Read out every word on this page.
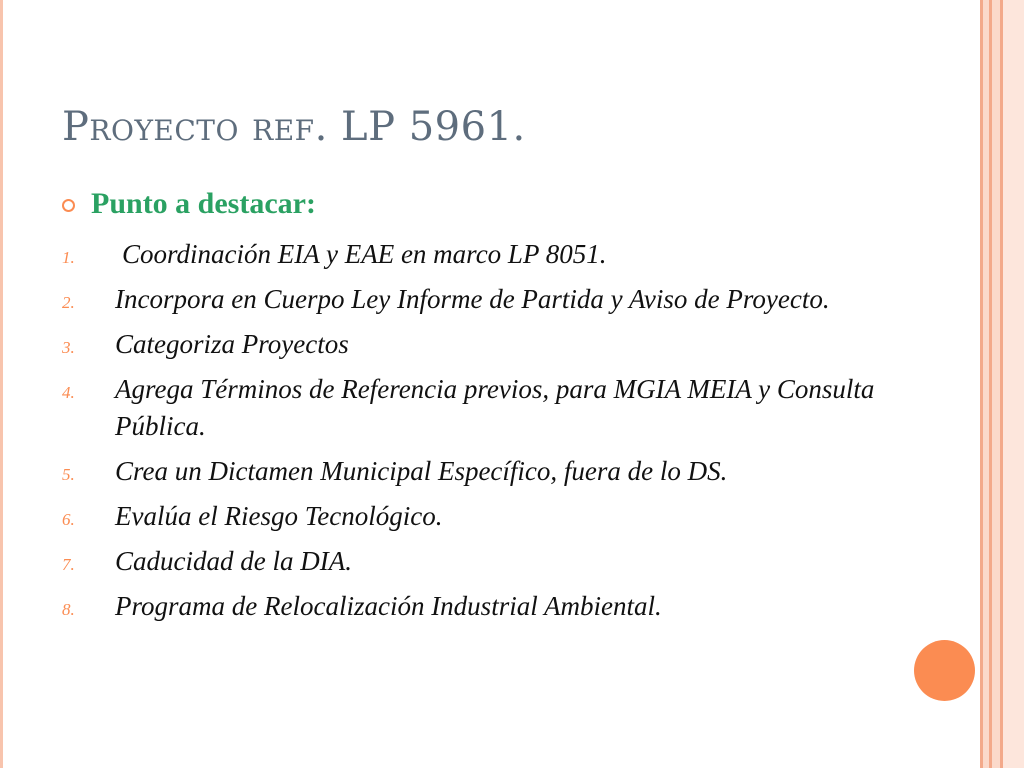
Proyecto ref. LP 5961.
Punto a destacar:
1.	Coordinación EIA y EAE en marco LP 8051.
2.	Incorpora en Cuerpo Ley Informe de Partida y Aviso de Proyecto.
3.	Categoriza Proyectos
4.	Agrega Términos de Referencia previos, para MGIA MEIA y Consulta Pública.
5.	Crea un Dictamen Municipal Específico, fuera de lo DS.
6.	Evalúa el Riesgo Tecnológico.
7.	Caducidad de la DIA.
8.	Programa de Relocalización Industrial Ambiental.
